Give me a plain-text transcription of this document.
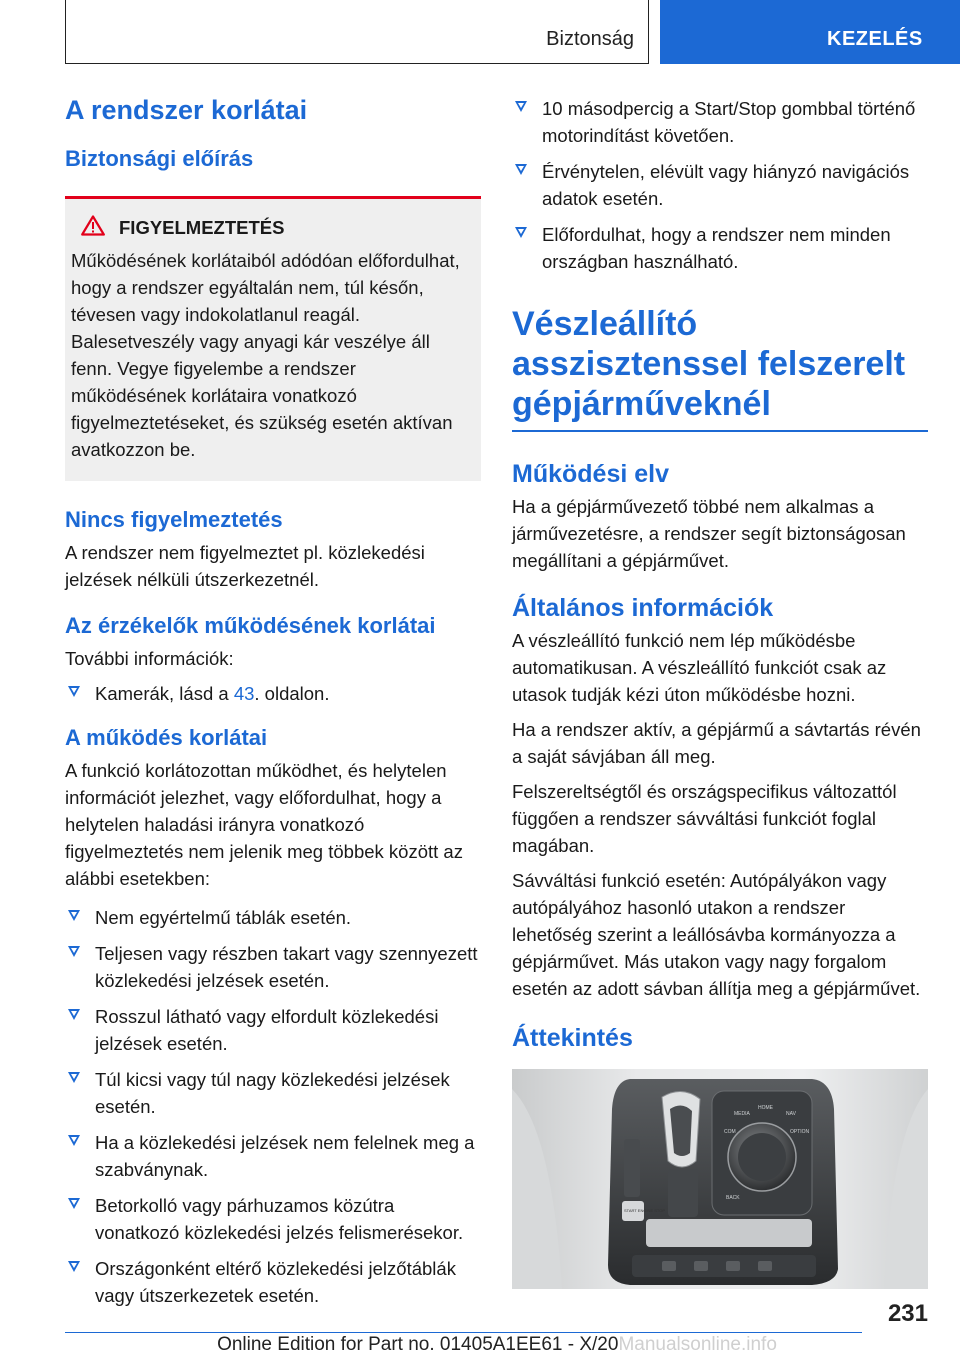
Biztonság	KEZELÉS
A rendszer korlátai
Biztonsági előírás
FIGYELMEZTETÉS

Működésének korlátaiból adódóan előfordulhat, hogy a rendszer egyáltalán nem, túl későn, tévesen vagy indokolatlanul reagál. Balesetveszély vagy anyagi kár veszélye áll fenn. Vegye figyelembe a rendszer működésének korlátaira vonatkozó figyelmeztetéseket, és szükség esetén aktívan avatkozzon be.

Nincs figyelmeztetés

A rendszer nem figyelmeztet pl. közlekedési jelzések nélküli útszerkezetnél.

Az érzékelők működésének korlátai

További információk:

Kamerák, lásd a 43. oldalon.
A működés korlátai

A funkció korlátozottan működhet, és helytelen információt jelezhet, vagy előfordulhat, hogy a helytelen haladási irányra vonatkozó figyelmeztetés nem jelenik meg többek között az alábbi esetekben:

Nem egyértelmű táblák esetén.
Teljesen vagy részben takart vagy szennyezett közlekedési jelzések esetén.
Rosszul látható vagy elfordult közlekedési jelzések esetén.
Túl kicsi vagy túl nagy közlekedési jelzések esetén.
Ha a közlekedési jelzések nem felelnek meg a szabványnak.
Betorkolló vagy párhuzamos közútra vonatkozó közlekedési jelzés felismerésekor.
Országonként eltérő közlekedési jelzőtáblák vagy útszerkezetek esetén.
10 másodpercig a Start/Stop gombbal történő motorindítást követően.
Érvénytelen, elévült vagy hiányzó navigációs adatok esetén.
Előfordulhat, hogy a rendszer nem minden országban használható.
Vészleállító asszisztenssel felszerelt gépjárműveknél
Működési elv

Ha a gépjárművezető többé nem alkalmas a járművezetésre, a rendszer segít biztonságosan megállítani a gépjárművet.

Általános információk

A vészleállító funkció nem lép működésbe automatikusan. A vészleállító funkciót csak az utasok tudják kézi úton működésbe hozni.

Ha a rendszer aktív, a gépjármű a sávtartás révén a saját sávjában áll meg.

Felszereltségtől és országspecifikus változattól függően a rendszer sávváltási funkciót foglal magában.

Sávváltási funkció esetén: Autópályákon vagy autópályához hasonló utakon a rendszer lehetőség szerint a leállósávba kormányozza a gépjárművet. Más utakon vagy nagy forgalom esetén az adott sávban állítja meg a gépjárművet.

Áttekintés
MEDIA
HOME
NAV
COM	OPTION
BACK
START ENGINE STOP
231
Online Edition for Part no. 01405A1EE61 - X/20Manualsonline.info
